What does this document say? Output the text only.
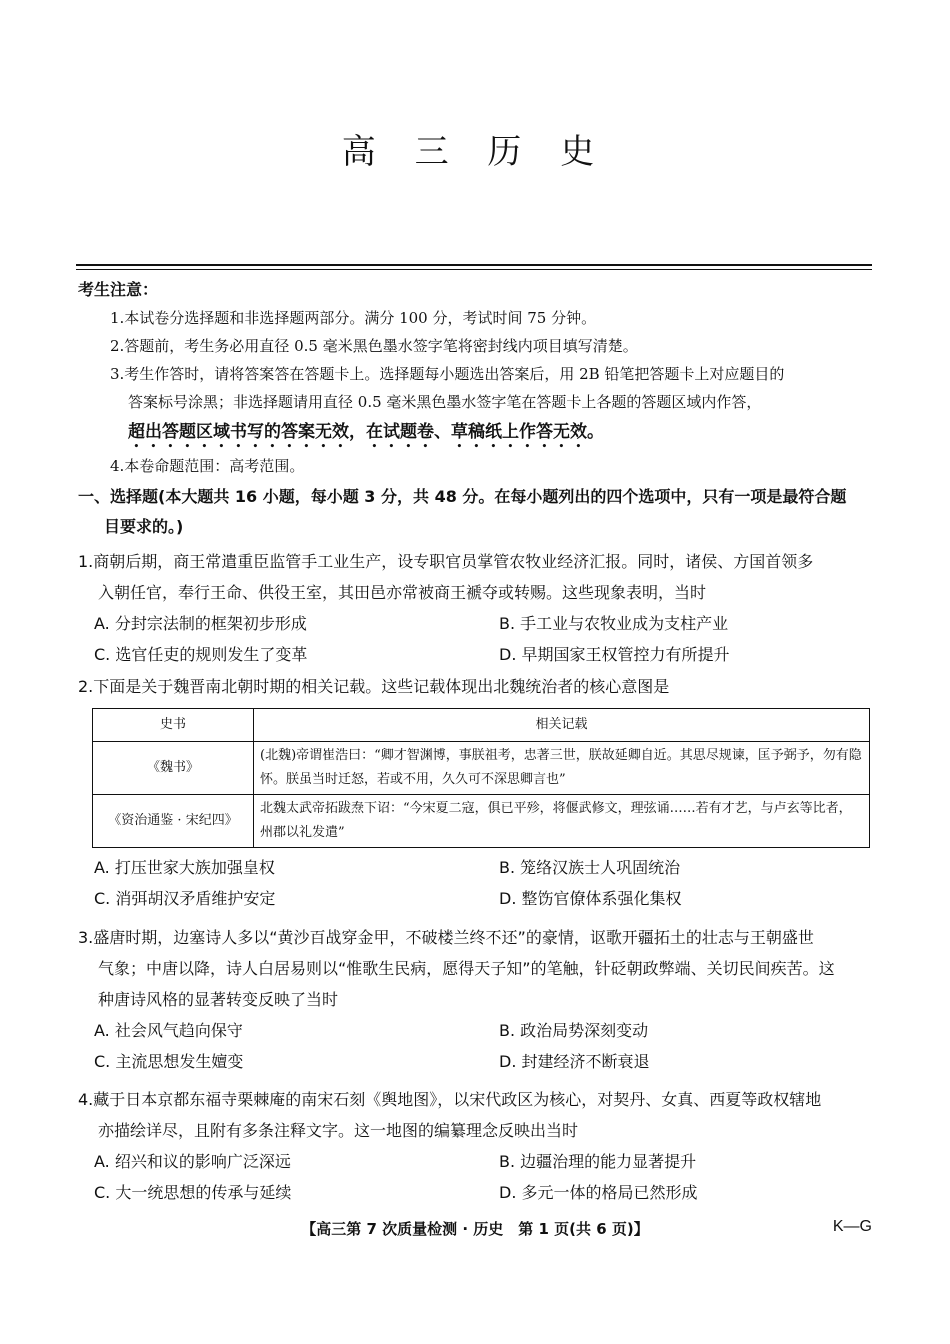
高 三 历 史
考生注意：
1.本试卷分选择题和非选择题两部分。满分 100 分，考试时间 75 分钟。
2.答题前，考生务必用直径 0.5 毫米黑色墨水签字笔将密封线内项目填写清楚。
3.考生作答时，请将答案答在答题卡上。选择题每小题选出答案后，用 2B 铅笔把答题卡上对应题目的
答案标号涂黑；非选择题请用直径 0.5 毫米黑色墨水签字笔在答题卡上各题的答题区域内作答，
超出答题区域书写的答案无效，在试题卷、草稿纸上作答无效。
4.本卷命题范围：高考范围。
一、选择题(本大题共 16 小题，每小题 3 分，共 48 分。在每小题列出的四个选项中，只有一项是最符合题
目要求的。)
1.商朝后期，商王常遣重臣监管手工业生产，设专职官员掌管农牧业经济汇报。同时，诸侯、方国首领多
入朝任官，奉行王命、供役王室，其田邑亦常被商王褫夺或转赐。这些现象表明，当时
A. 分封宗法制的框架初步形成	B. 手工业与农牧业成为支柱产业
C. 选官任吏的规则发生了变革	D. 早期国家王权管控力有所提升
2.下面是关于魏晋南北朝时期的相关记载。这些记载体现出北魏统治者的核心意图是
史书	相关记载
《魏书》	(北魏)帝谓崔浩曰：“卿才智渊博，事朕祖考，忠著三世，朕故延卿自近。其思尽规谏，匡予弼予，勿有隐怀。朕虽当时迁怒，若或不用，久久可不深思卿言也”
《资治通鉴 · 宋纪四》	北魏太武帝拓跋焘下诏：“今宋夏二寇，俱已平殄，将偃武修文，理弦诵……若有才艺，与卢玄等比者，州郡以礼发遣”
A. 打压世家大族加强皇权	B. 笼络汉族士人巩固统治
C. 消弭胡汉矛盾维护安定	D. 整饬官僚体系强化集权
3.盛唐时期，边塞诗人多以“黄沙百战穿金甲，不破楼兰终不还”的豪情，讴歌开疆拓土的壮志与王朝盛世
气象；中唐以降，诗人白居易则以“惟歌生民病，愿得天子知”的笔触，针砭朝政弊端、关切民间疾苦。这
种唐诗风格的显著转变反映了当时
A. 社会风气趋向保守	B. 政治局势深刻变动
C. 主流思想发生嬗变	D. 封建经济不断衰退
4.藏于日本京都东福寺栗棘庵的南宋石刻《舆地图》，以宋代政区为核心，对契丹、女真、西夏等政权辖地
亦描绘详尽，且附有多条注释文字。这一地图的编纂理念反映出当时
A. 绍兴和议的影响广泛深远	B. 边疆治理的能力显著提升
C. 大一统思想的传承与延续	D. 多元一体的格局已然形成
【高三第 7 次质量检测 · 历史　第 1 页(共 6 页)】	K—G
